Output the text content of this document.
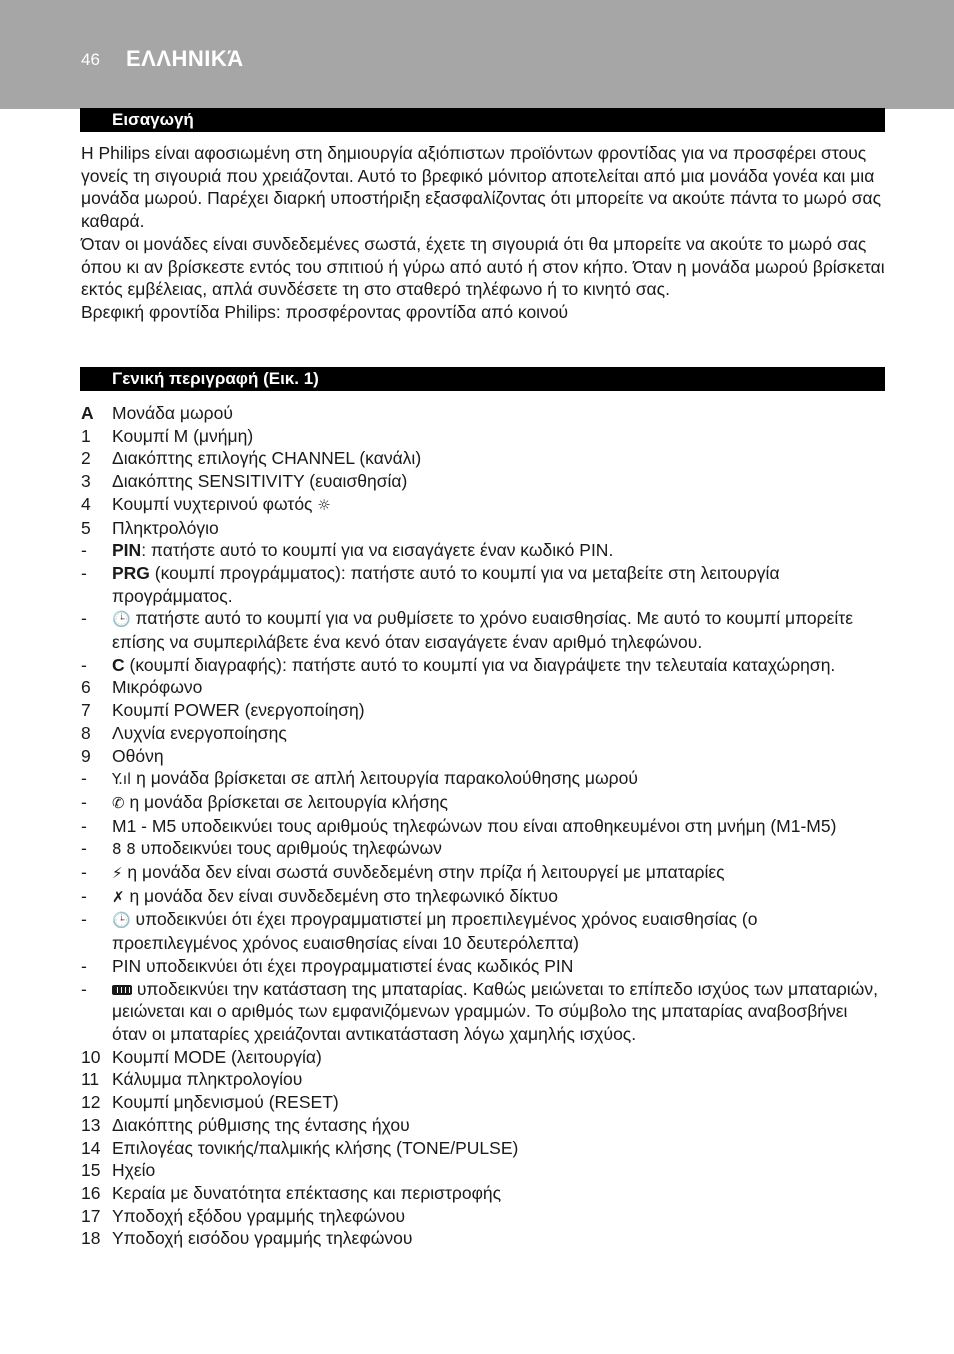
46 ΕΛΛΗΝΙΚΆ
Εισαγωγή

Η Philips είναι αφοσιωμένη στη δημιουργία αξιόπιστων προϊόντων φροντίδας για να προσφέρει στους γονείς τη σιγουριά που χρειάζονται. Αυτό το βρεφικό μόνιτορ αποτελείται από μια μονάδα γονέα και μια μονάδα μωρού. Παρέχει διαρκή υποστήριξη εξασφαλίζοντας ότι μπορείτε να ακούτε πάντα το μωρό σας καθαρά.

Όταν οι μονάδες είναι συνδεδεμένες σωστά, έχετε τη σιγουριά ότι θα μπορείτε να ακούτε το μωρό σας όπου κι αν βρίσκεστε εντός του σπιτιού ή γύρω από αυτό ή στον κήπο. Όταν η μονάδα μωρού βρίσκεται εκτός εμβέλειας, απλά συνδέσετε τη στο σταθερό τηλέφωνο ή το κινητό σας.

Βρεφική φροντίδα Philips: προσφέροντας φροντίδα από κοινού

Γενική περιγραφή (Εικ. 1)
A	Μονάδα μωρού
1	Κουμπί M (μνήμη)
2	Διακόπτης επιλογής CHANNEL (κανάλι)
3	Διακόπτης SENSITIVITY (ευαισθησία)
4	Κουμπί νυχτερινού φωτός ☼
5	Πληκτρολόγιο
-	PIN: πατήστε αυτό το κουμπί για να εισαγάγετε έναν κωδικό PIN.
-	PRG (κουμπί προγράμματος): πατήστε αυτό το κουμπί για να μεταβείτε στη λειτουργία προγράμματος.
-	🕒 πατήστε αυτό το κουμπί για να ρυθμίσετε το χρόνο ευαισθησίας. Με αυτό το κουμπί μπορείτε επίσης να συμπεριλάβετε ένα κενό όταν εισαγάγετε έναν αριθμό τηλεφώνου.
-	C (κουμπί διαγραφής): πατήστε αυτό το κουμπί για να διαγράψετε την τελευταία καταχώρηση.
6	Μικρόφωνο
7	Κουμπί POWER (ενεργοποίηση)
8	Λυχνία ενεργοποίησης
9	Οθόνη
-	Y.ıl η μονάδα βρίσκεται σε απλή λειτουργία παρακολούθησης μωρού
-	✆ η μονάδα βρίσκεται σε λειτουργία κλήσης
-	M1 - M5 υποδεικνύει τους αριθμούς τηλεφώνων που είναι αποθηκευμένοι στη μνήμη (M1-M5)
-	8 8 υποδεικνύει τους αριθμούς τηλεφώνων
-	⚡ η μονάδα δεν είναι σωστά συνδεδεμένη στην πρίζα ή λειτουργεί με μπαταρίες
-	✗ η μονάδα δεν είναι συνδεδεμένη στο τηλεφωνικό δίκτυο
-	🕒 υποδεικνύει ότι έχει προγραμματιστεί μη προεπιλεγμένος χρόνος ευαισθησίας (ο προεπιλεγμένος χρόνος ευαισθησίας είναι 10 δευτερόλεπτα)
-	PIN υποδεικνύει ότι έχει προγραμματιστεί ένας κωδικός PIN
-	υποδεικνύει την κατάσταση της μπαταρίας. Καθώς μειώνεται το επίπεδο ισχύος των μπαταριών, μειώνεται και ο αριθμός των εμφανιζόμενων γραμμών. Το σύμβολο της μπαταρίας αναβοσβήνει όταν οι μπαταρίες χρειάζονται αντικατάσταση λόγω χαμηλής ισχύος.
10 Κουμπί MODE (λειτουργία)
11 Κάλυμμα πληκτρολογίου
12 Κουμπί μηδενισμού (RESET)
13 Διακόπτης ρύθμισης της έντασης ήχου
14 Επιλογέας τονικής/παλμικής κλήσης (TONE/PULSE)
15 Ηχείο
16 Κεραία με δυνατότητα επέκτασης και περιστροφής
17 Υποδοχή εξόδου γραμμής τηλεφώνου
18 Υποδοχή εισόδου γραμμής τηλεφώνου
